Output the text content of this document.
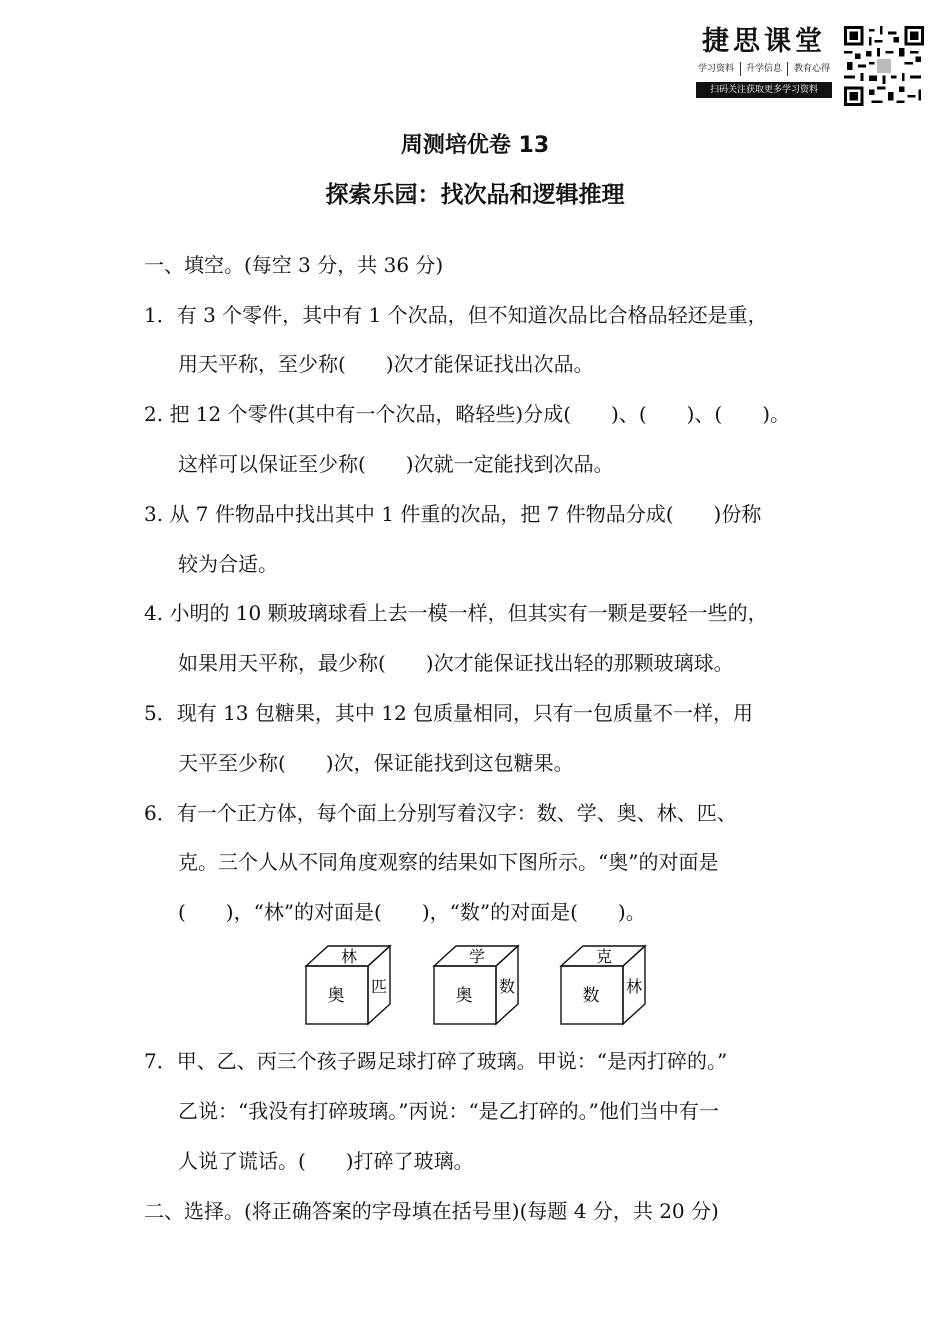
捷思课堂
学习资料 升学信息 教育心得
扫码关注获取更多学习资料
周测培优卷 13
探索乐园：找次品和逻辑推理
一、填空。(每空 3 分，共 36 分)
1．有 3 个零件，其中有 1 个次品，但不知道次品比合格品轻还是重，
用天平称，至少称(　　)次才能保证找出次品。
2. 把 12 个零件(其中有一个次品，略轻些)分成(　　)、(　　)、(　　)。
这样可以保证至少称(　　)次就一定能找到次品。
3. 从 7 件物品中找出其中 1 件重的次品，把 7 件物品分成(　　)份称
较为合适。
4. 小明的 10 颗玻璃球看上去一模一样，但其实有一颗是要轻一些的，
如果用天平称，最少称(　　)次才能保证找出轻的那颗玻璃球。
5．现有 13 包糖果，其中 12 包质量相同，只有一包质量不一样，用
天平至少称(　　)次，保证能找到这包糖果。
6．有一个正方体，每个面上分别写着汉字：数、学、奥、林、匹、
克。三个人从不同角度观察的结果如下图所示。“奥”的对面是
(　　)，“林”的对面是(　　)，“数”的对面是(　　)。
林
奥 匹
学
奥 数
克
数 林
7．甲、乙、丙三个孩子踢足球打碎了玻璃。甲说：“是丙打碎的。”
乙说：“我没有打碎玻璃。”丙说：“是乙打碎的。”他们当中有一
人说了谎话。(　　)打碎了玻璃。
二、选择。(将正确答案的字母填在括号里)(每题 4 分，共 20 分)
